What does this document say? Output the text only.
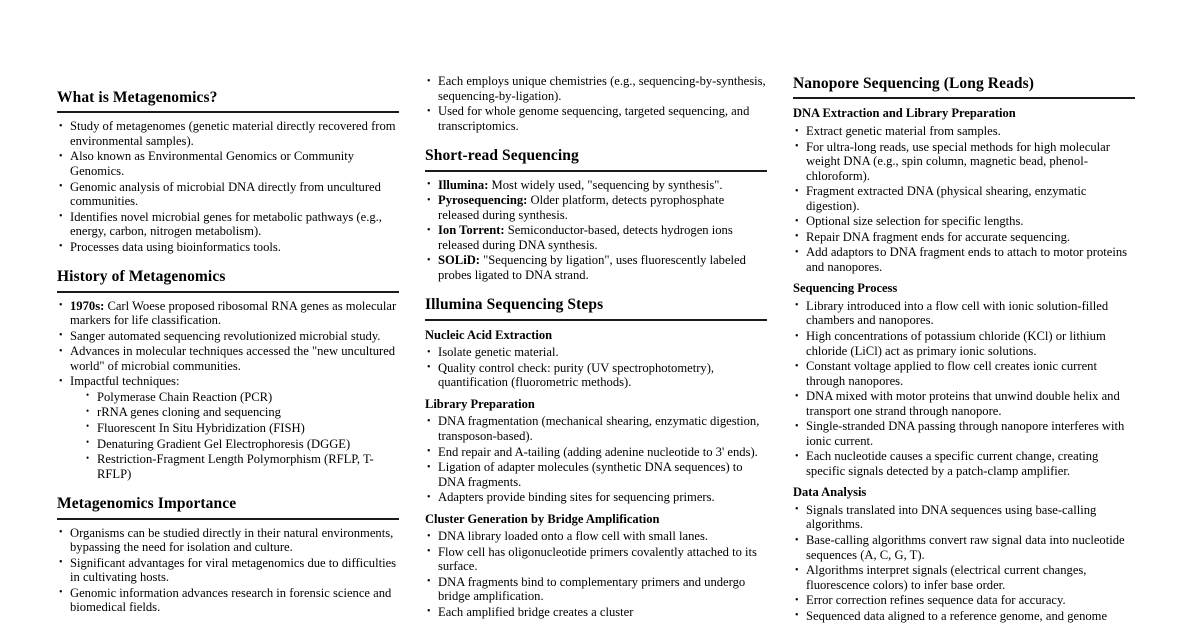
What is Metagenomics?
• Study of metagenomes (genetic material directly recovered from environmental samples).
• Also known as Environmental Genomics or Community Genomics.
• Genomic analysis of microbial DNA directly from uncultured communities.
• Identifies novel microbial genes for metabolic pathways (e.g., energy, carbon, nitrogen metabolism).
• Processes data using bioinformatics tools.
History of Metagenomics
• 1970s: Carl Woese proposed ribosomal RNA genes as molecular markers for life classification.
• Sanger automated sequencing revolutionized microbial study.
• Advances in molecular techniques accessed the "new uncultured world" of microbial communities.
• Impactful techniques:
• Polymerase Chain Reaction (PCR)
• rRNA genes cloning and sequencing
• Fluorescent In Situ Hybridization (FISH)
• Denaturing Gradient Gel Electrophoresis (DGGE)
• Restriction-Fragment Length Polymorphism (RFLP, T-RFLP)
Metagenomics Importance
• Organisms can be studied directly in their natural environments, bypassing the need for isolation and culture.
• Significant advantages for viral metagenomics due to difficulties in cultivating hosts.
• Genomic information advances research in forensic science and biomedical fields.
• Each employs unique chemistries (e.g., sequencing-by-synthesis, sequencing-by-ligation).
• Used for whole genome sequencing, targeted sequencing, and transcriptomics.
Short-read Sequencing
• Illumina: Most widely used, "sequencing by synthesis".
• Pyrosequencing: Older platform, detects pyrophosphate released during synthesis.
• Ion Torrent: Semiconductor-based, detects hydrogen ions released during DNA synthesis.
• SOLiD: "Sequencing by ligation", uses fluorescently labeled probes ligated to DNA strand.
Illumina Sequencing Steps
Nucleic Acid Extraction
• Isolate genetic material.
• Quality control check: purity (UV spectrophotometry), quantification (fluorometric methods).
Library Preparation
• DNA fragmentation (mechanical shearing, enzymatic digestion, transposon-based).
• End repair and A-tailing (adding adenine nucleotide to 3' ends).
• Ligation of adapter molecules (synthetic DNA sequences) to DNA fragments.
• Adapters provide binding sites for sequencing primers.
Cluster Generation by Bridge Amplification
• DNA library loaded onto a flow cell with small lanes.
• Flow cell has oligonucleotide primers covalently attached to its surface.
• DNA fragments bind to complementary primers and undergo bridge amplification.
• Each amplified bridge creates a cluster
Nanopore Sequencing (Long Reads)
DNA Extraction and Library Preparation
• Extract genetic material from samples.
• For ultra-long reads, use special methods for high molecular weight DNA (e.g., spin column, magnetic bead, phenol-chloroform).
• Fragment extracted DNA (physical shearing, enzymatic digestion).
• Optional size selection for specific lengths.
• Repair DNA fragment ends for accurate sequencing.
• Add adaptors to DNA fragment ends to attach to motor proteins and nanopores.
Sequencing Process
• Library introduced into a flow cell with ionic solution-filled chambers and nanopores.
• High concentrations of potassium chloride (KCl) or lithium chloride (LiCl) act as primary ionic solutions.
• Constant voltage applied to flow cell creates ionic current through nanopores.
• DNA mixed with motor proteins that unwind double helix and transport one strand through nanopore.
• Single-stranded DNA passing through nanopore interferes with ionic current.
• Each nucleotide causes a specific current change, creating specific signals detected by a patch-clamp amplifier.
Data Analysis
• Signals translated into DNA sequences using base-calling algorithms.
• Base-calling algorithms convert raw signal data into nucleotide sequences (A, C, G, T).
• Algorithms interpret signals (electrical current changes, fluorescence colors) to infer base order.
• Error correction refines sequence data for accuracy.
• Sequenced data aligned to a reference genome, and genome
